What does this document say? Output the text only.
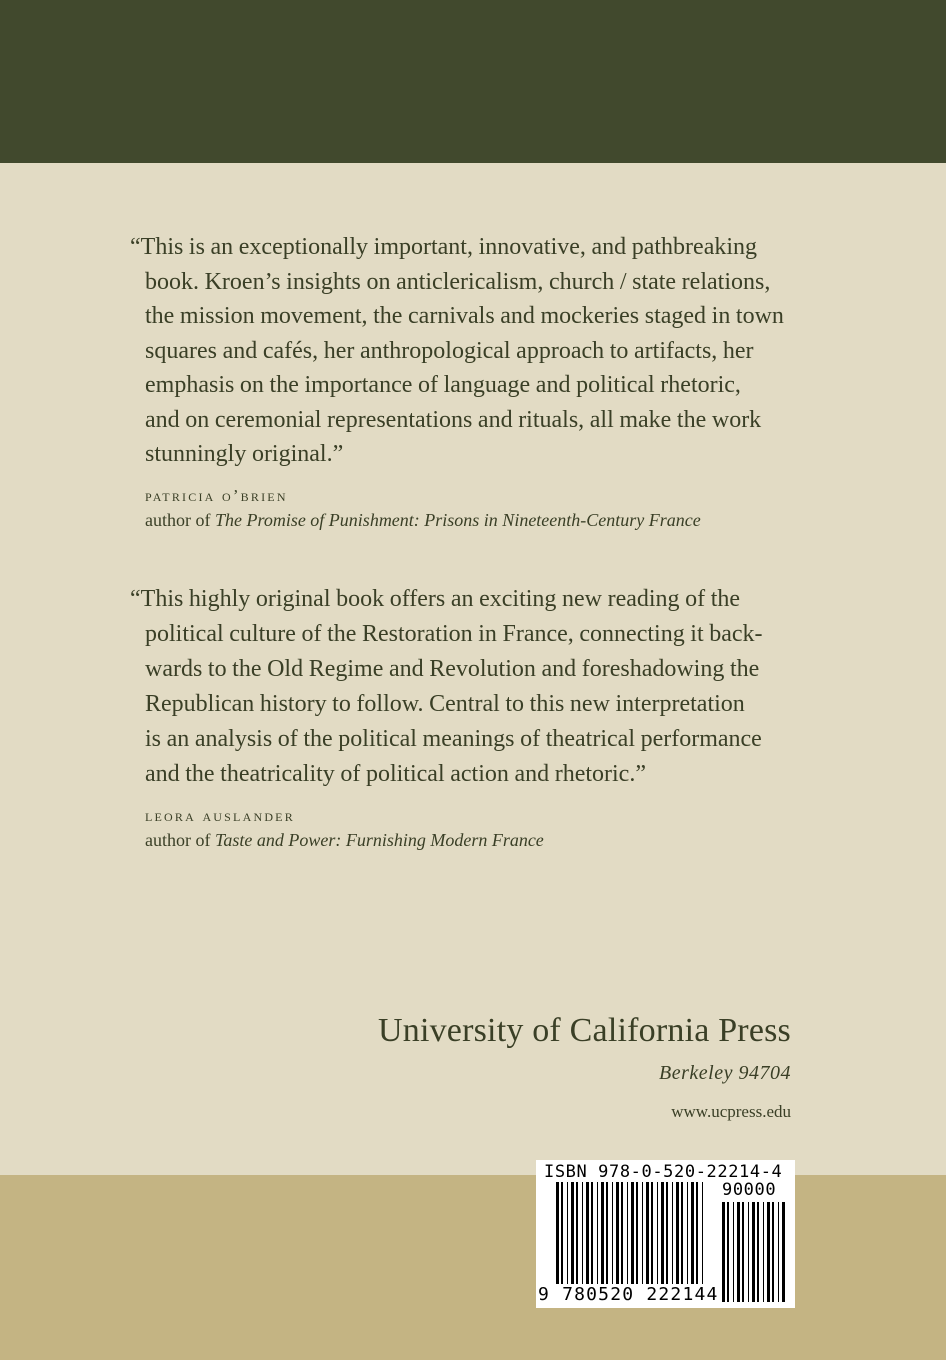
“This is an exceptionally important, innovative, and pathbreaking
book. Kroen’s insights on anticlericalism, church / state relations,
the mission movement, the carnivals and mockeries staged in town
squares and cafés, her anthropological approach to artifacts, her
emphasis on the importance of language and political rhetoric,
and on ceremonial representations and rituals, all make the work
stunningly original.”

patricia o’brien
author of The Promise of Punishment: Prisons in Nineteenth-Century France

“This highly original book offers an exciting new reading of the
political culture of the Restoration in France, connecting it back-
wards to the Old Regime and Revolution and foreshadowing the
Republican history to follow. Central to this new interpretation
is an analysis of the political meanings of theatrical performance
and the theatricality of political action and rhetoric.”

leora auslander
author of Taste and Power: Furnishing Modern France
University of California Press
Berkeley 94704
www.ucpress.edu
ISBN 978-0-520-22214-4
90000
9 780520 222144
